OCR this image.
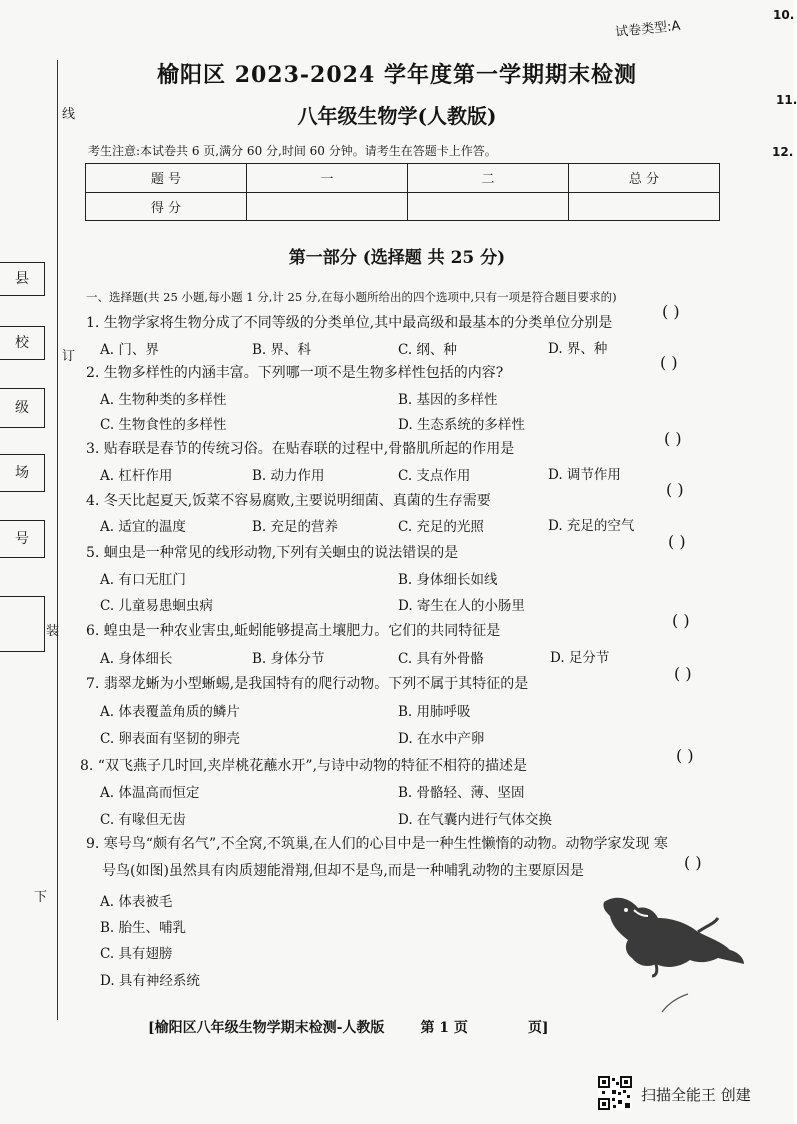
线
订
装
下
县
校
级
场
号
10.
11.
12.
试卷类型:A
榆阳区 2023-2024 学年度第一学期期末检测
八年级生物学(人教版)
考生注意:本试卷共 6 页,满分 60 分,时间 60 分钟。请考生在答题卡上作答。
题 号	一	二	总 分
得 分			
第一部分 (选择题 共 25 分)
一、选择题(共 25 小题,每小题 1 分,计 25 分,在每小题所给出的四个选项中,只有一项是符合题目要求的)
1. 生物学家将生物分成了不同等级的分类单位,其中最高级和最基本的分类单位分别是
( )
A. 门、界	B. 界、科	C. 纲、种	D. 界、种
2. 生物多样性的内涵丰富。下列哪一项不是生物多样性包括的内容?
( )
A. 生物种类的多样性	B. 基因的多样性
C. 生物食性的多样性	D. 生态系统的多样性
3. 贴春联是春节的传统习俗。在贴春联的过程中,骨骼肌所起的作用是
( )
A. 杠杆作用	B. 动力作用	C. 支点作用	D. 调节作用
4. 冬天比起夏天,饭菜不容易腐败,主要说明细菌、真菌的生存需要
( )
A. 适宜的温度	B. 充足的营养	C. 充足的光照	D. 充足的空气
5. 蛔虫是一种常见的线形动物,下列有关蛔虫的说法错误的是
( )
A. 有口无肛门	B. 身体细长如线
C. 儿童易患蛔虫病	D. 寄生在人的小肠里
6. 蝗虫是一种农业害虫,蚯蚓能够提高土壤肥力。它们的共同特征是
( )
A. 身体细长	B. 身体分节	C. 具有外骨骼	D. 足分节
7. 翡翠龙蜥为小型蜥蜴,是我国特有的爬行动物。下列不属于其特征的是
( )
A. 体表覆盖角质的鳞片	B. 用肺呼吸
C. 卵表面有坚韧的卵壳	D. 在水中产卵
8. “双飞燕子几时回,夹岸桃花蘸水开”,与诗中动物的特征不相符的描述是
( )
A. 体温高而恒定	B. 骨骼轻、薄、坚固
C. 有喙但无齿	D. 在气囊内进行气体交换
9. 寒号鸟“颇有名气”,不全窝,不筑巢,在人们的心目中是一种生性懒惰的动物。动物学家发现 寒
号鸟(如图)虽然具有肉质翅能滑翔,但却不是鸟,而是一种哺乳动物的主要原因是	( )
A. 体表被毛
B. 胎生、哺乳
C. 具有翅膀
D. 具有神经系统
[榆阳区八年级生物学期末检测-人教版	第 1 页	页]
扫描全能王 创建
